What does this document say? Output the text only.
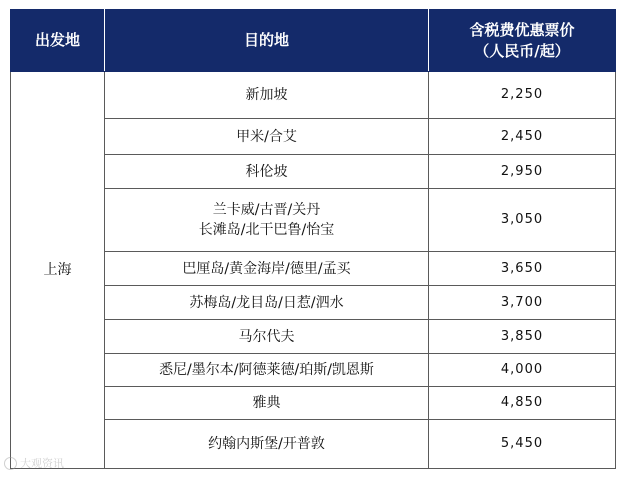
出发地	目的地	含税费优惠票价
（人民币/起）

上海	新加坡	2,250

	甲米/合艾	2,450

	科伦坡	2,950

	兰卡威/古晋/关丹
长滩岛/北干巴鲁/怡宝	3,050

	巴厘岛/黄金海岸/德里/孟买	3,650

	苏梅岛/龙目岛/日惹/泗水	3,700

	马尔代夫	3,850

	悉尼/墨尔本/阿德莱德/珀斯/凯恩斯	4,000

	雅典	4,850

	约翰内斯堡/开普敦	5,450
大观资讯
